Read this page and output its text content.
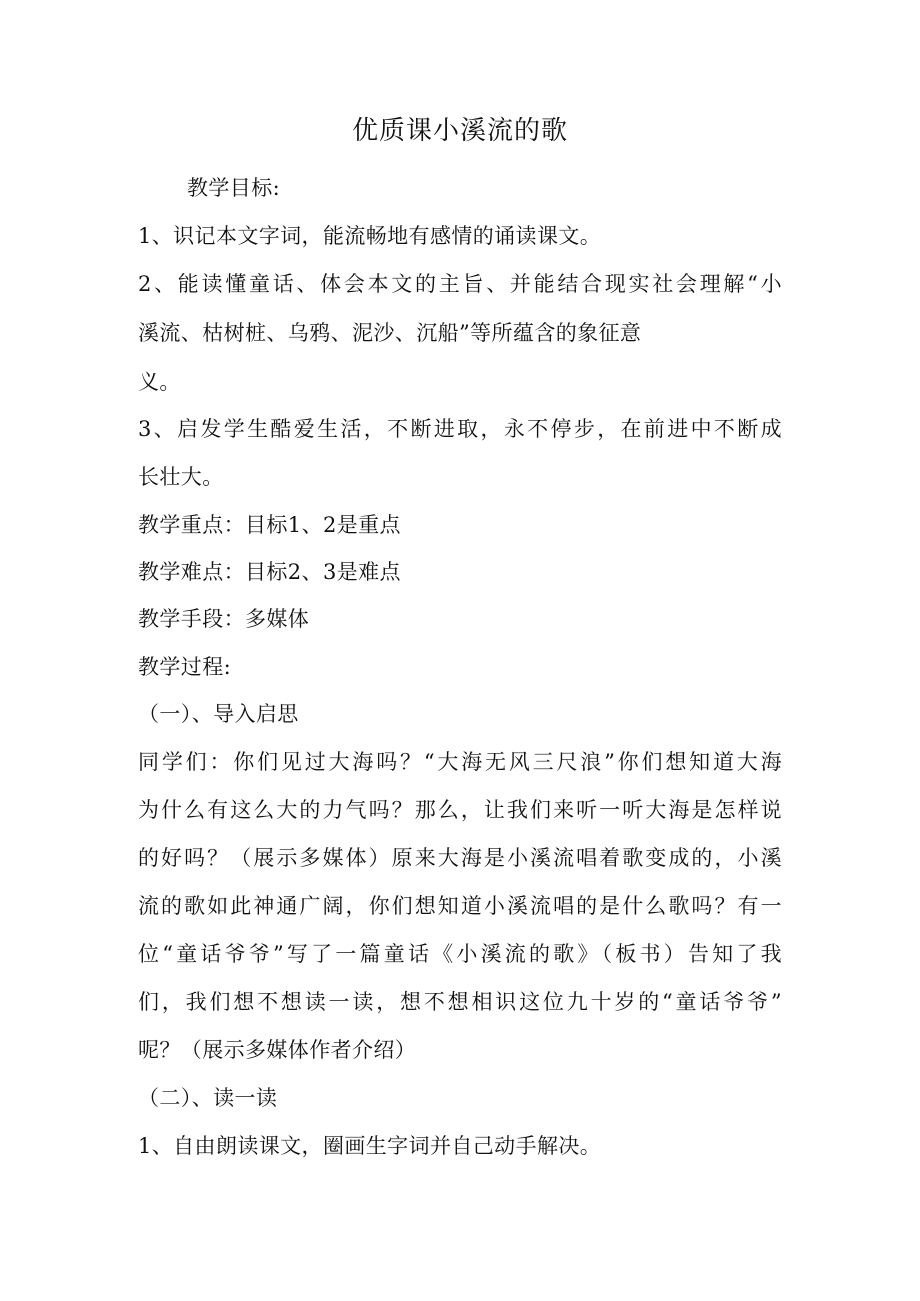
优质课小溪流的歌
教学目标:
1、识记本文字词，能流畅地有感情的诵读课文。
2、能读懂童话、体会本文的主旨、并能结合现实社会理解“小
溪流、枯树桩、乌鸦、泥沙、沉船”等所蕴含的象征意
义。
3、启发学生酷爱生活，不断进取，永不停步，在前进中不断成
长壮大。
教学重点：目标1、2是重点
教学难点：目标2、3是难点
教学手段：多媒体
教学过程:
（一）、导入启思
同学们：你们见过大海吗？“大海无风三尺浪”你们想知道大海
为什么有这么大的力气吗？那么，让我们来听一听大海是怎样说
的好吗？（展示多媒体）原来大海是小溪流唱着歌变成的，小溪
流的歌如此神通广阔，你们想知道小溪流唱的是什么歌吗？有一
位“童话爷爷”写了一篇童话《小溪流的歌》（板书）告知了我
们，我们想不想读一读，想不想相识这位九十岁的“童话爷爷”
呢？（展示多媒体作者介绍）
（二）、读一读
1、自由朗读课文，圈画生字词并自己动手解决。
